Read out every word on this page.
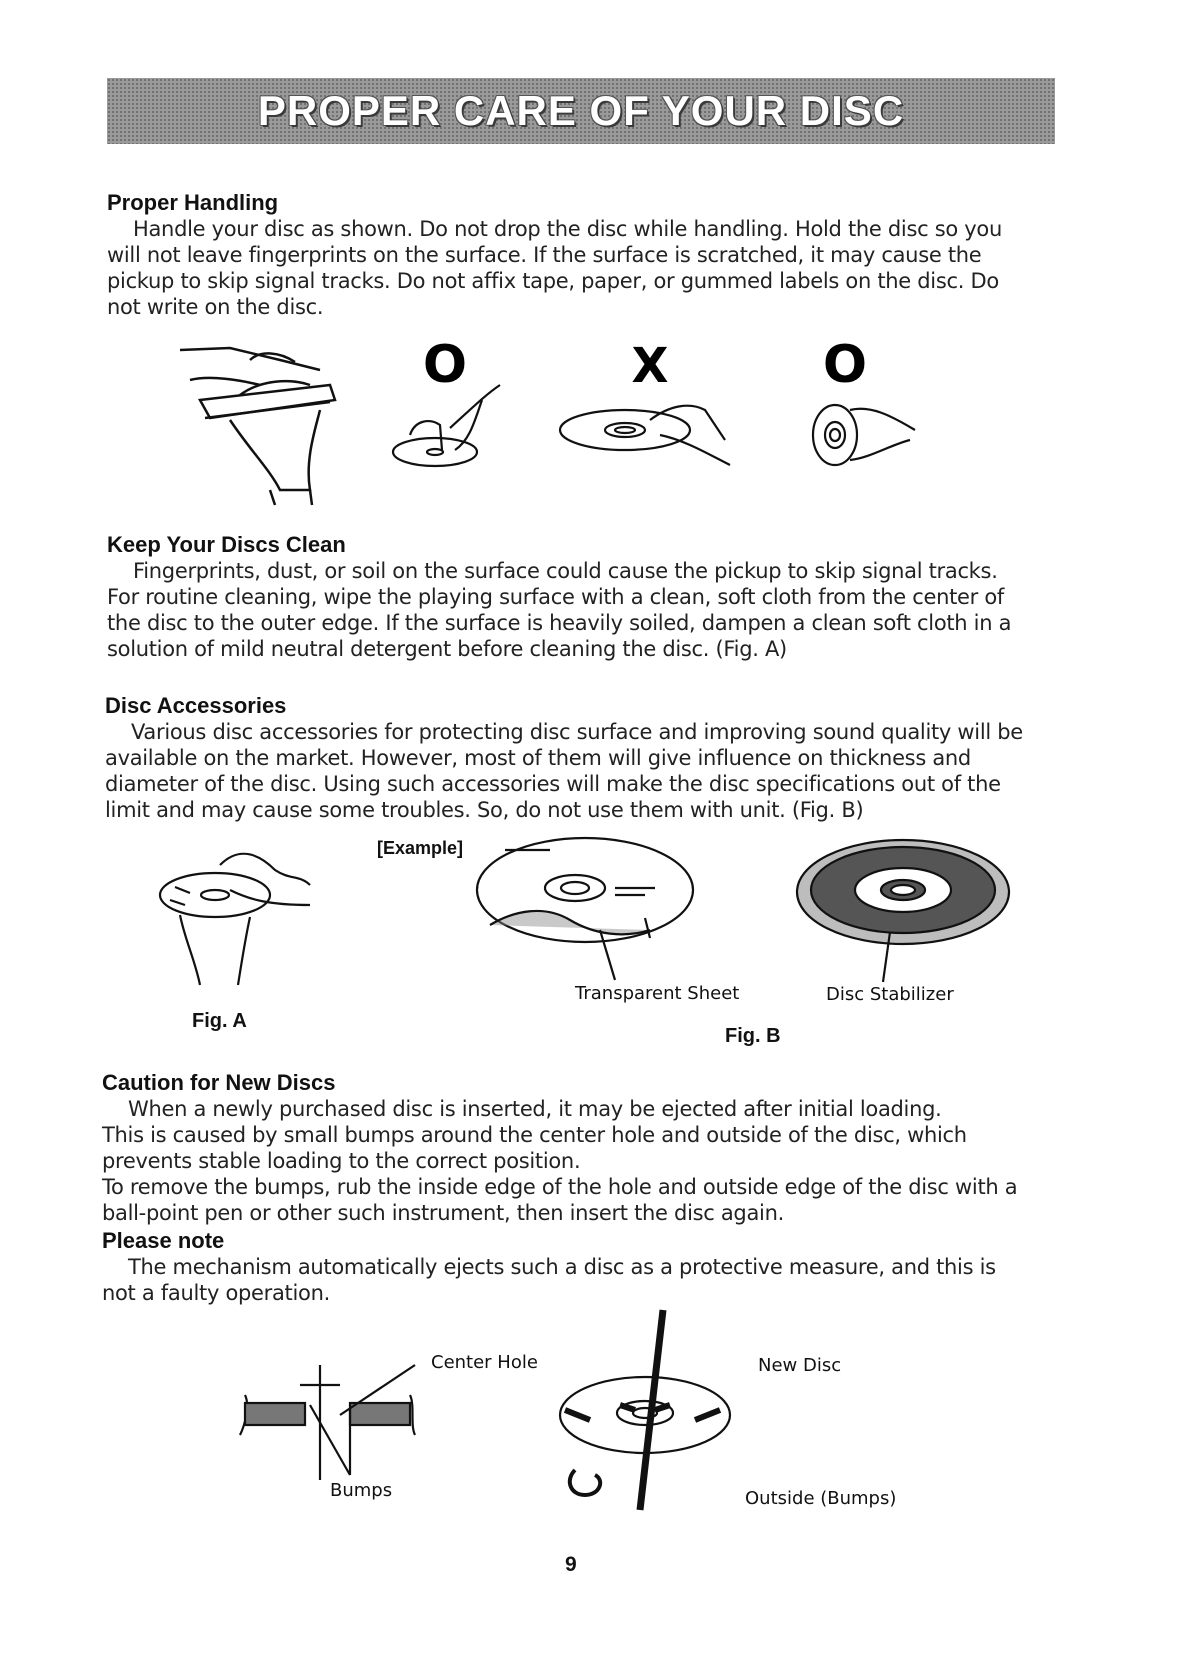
PROPER CARE OF YOUR DISC

Proper Handling

Handle your disc as shown. Do not drop the disc while handling. Hold the disc so you
will not leave fingerprints on the surface. If the surface is scratched, it may cause the
pickup to skip signal tracks. Do not affix tape, paper, or gummed labels on the disc. Do
not write on the disc.
O	X	O

Keep Your Discs Clean

Fingerprints, dust, or soil on the surface could cause the pickup to skip signal tracks.
For routine cleaning, wipe the playing surface with a clean, soft cloth from the center of
the disc to the outer edge. If the surface is heavily soiled, dampen a clean soft cloth in a
solution of mild neutral detergent before cleaning the disc. (Fig. A)

Disc Accessories

Various disc accessories for protecting disc surface and improving sound quality will be
available on the market. However, most of them will give influence on thickness and
diameter of the disc. Using such accessories will make the disc specifications out of the
limit and may cause some troubles. So, do not use them with unit. (Fig. B)
Fig. A
[Example]
Transparent Sheet	Disc Stabilizer
Fig. B

Caution for New Discs

When a newly purchased disc is inserted, it may be ejected after initial loading.
This is caused by small bumps around the center hole and outside of the disc, which
prevents stable loading to the correct position.
To remove the bumps, rub the inside edge of the hole and outside edge of the disc with a
ball-point pen or other such instrument, then insert the disc again.

Please note

The mechanism automatically ejects such a disc as a protective measure, and this is
not a faulty operation.
Center Hole
Bumps
New Disc
Outside (Bumps)
9
